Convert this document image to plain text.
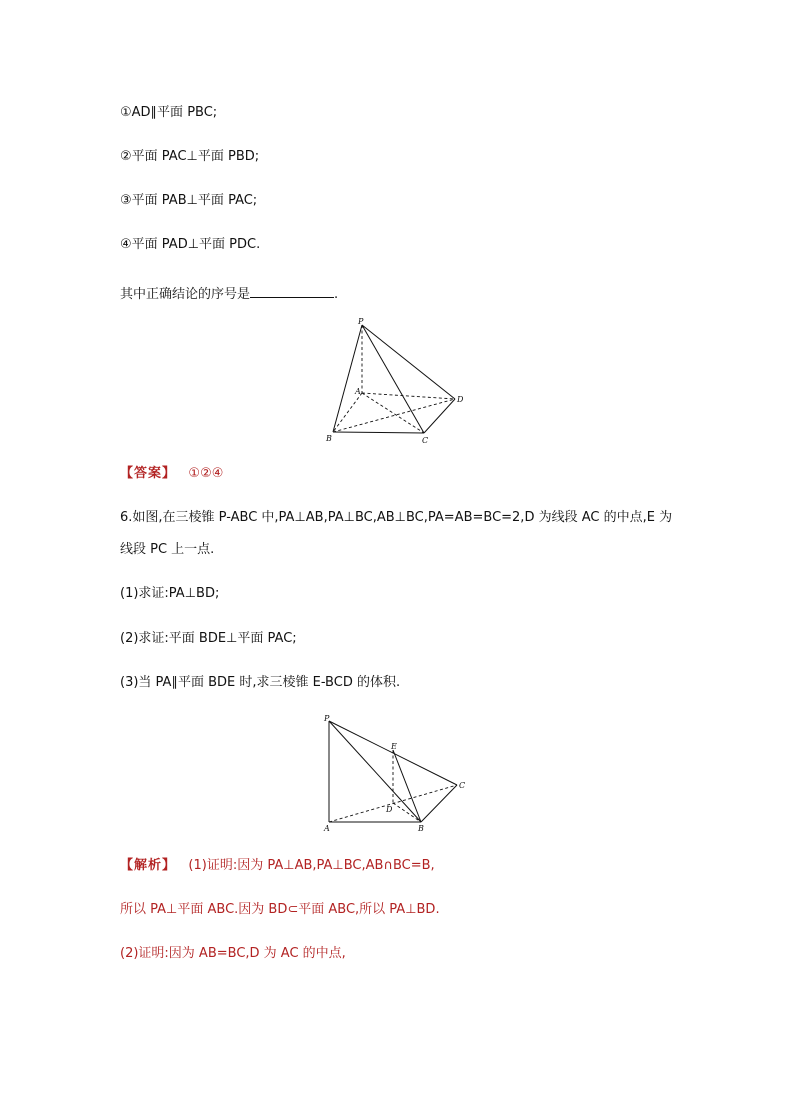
①AD∥平面 PBC;
②平面 PAC⊥平面 PBD;
③平面 PAB⊥平面 PAC;
④平面 PAD⊥平面 PDC.
其中正确结论的序号是	.
P
A
B	C
D
【答案】 ①②④
6.如图,在三棱锥 P-ABC 中,PA⊥AB,PA⊥BC,AB⊥BC,PA=AB=BC=2,D 为线段 AC 的中点,E 为
线段 PC 上一点.
(1)求证:PA⊥BD;
(2)求证:平面 BDE⊥平面 PAC;
(3)当 PA∥平面 BDE 时,求三棱锥 E-BCD 的体积.
P
E
C
D
A	B
【解析】 (1)证明:因为 PA⊥AB,PA⊥BC,AB∩BC=B,
所以 PA⊥平面 ABC.因为 BD⊂平面 ABC,所以 PA⊥BD.
(2)证明:因为 AB=BC,D 为 AC 的中点,
